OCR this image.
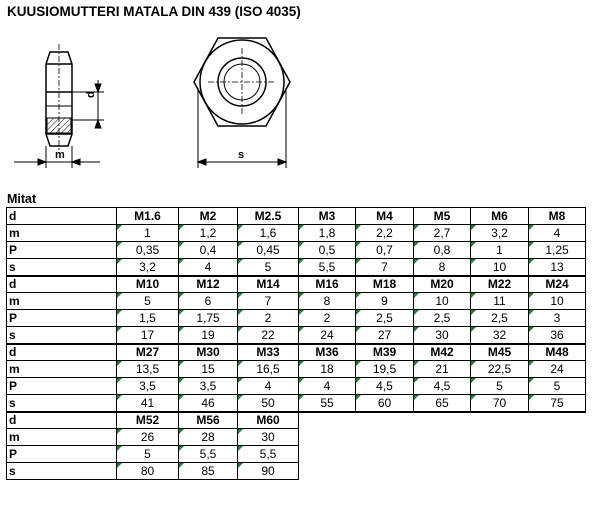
KUUSIOMUTTERI MATALA DIN 439 (ISO 4035)
d
m	s
Mitat
d	M1.6	M2	M2.5	M3	M4	M5	M6	M8
m	1	1,2	1,6	1,8	2,2	2,7	3,2	4
P	0,35	0,4	0,45	0,5	0,7	0,8	1	1,25
s	3,2	4	5	5,5	7	8	10	13
d	M10	M12	M14	M16	M18	M20	M22	M24
m	5	6	7	8	9	10	11	10
P	1,5	1,75	2	2	2,5	2,5	2,5	3
s	17	19	22	24	27	30	32	36
d	M27	M30	M33	M36	M39	M42	M45	M48
m	13,5	15	16,5	18	19,5	21	22,5	24
P	3,5	3,5	4	4	4,5	4,5	5	5
s	41	46	50	55	60	65	70	75
d	M52	M56	M60					
m	26	28	30					
P	5	5,5	5,5					
s	80	85	90					
